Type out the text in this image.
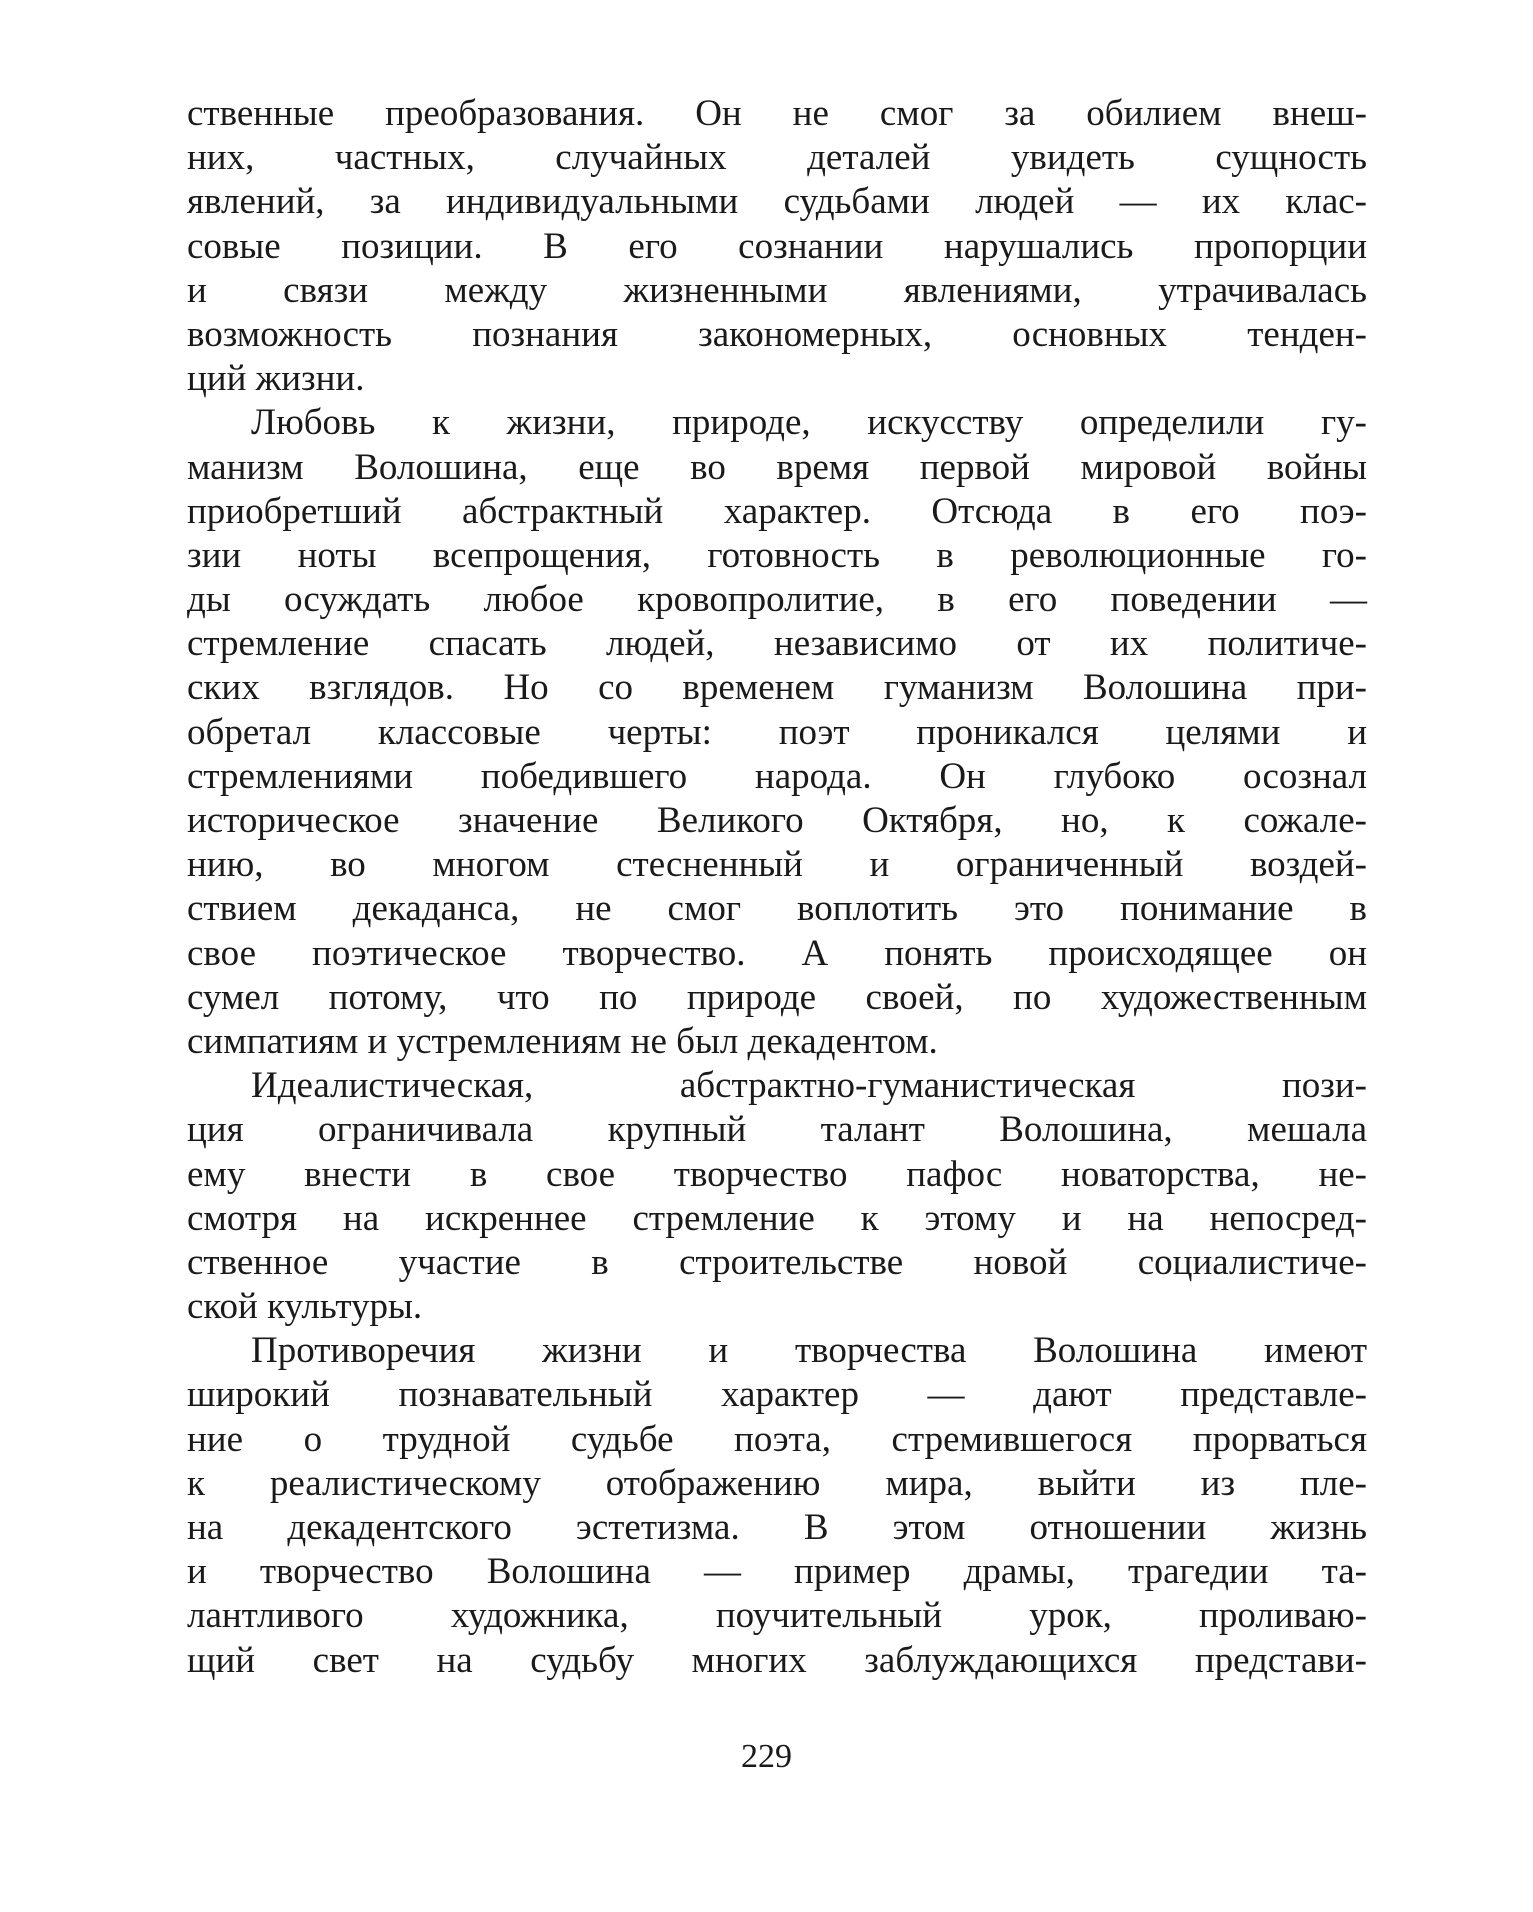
ственные преобразования. Он не смог за обилием внеш-
них, частных, случайных деталей увидеть сущность
явлений, за индивидуальными судьбами людей — их клас-
совые позиции. В его сознании нарушались пропорции
и связи между жизненными явлениями, утрачивалась
возможность познания закономерных, основных тенден-
ций жизни.
Любовь к жизни, природе, искусству определили гу-
манизм Волошина, еще во время первой мировой войны
приобретший абстрактный характер. Отсюда в его поэ-
зии ноты всепрощения, готовность в революционные го-
ды осуждать любое кровопролитие, в его поведении —
стремление спасать людей, независимо от их политиче-
ских взглядов. Но со временем гуманизм Волошина при-
обретал классовые черты: поэт проникался целями и
стремлениями победившего народа. Он глубоко осознал
историческое значение Великого Октября, но, к сожале-
нию, во многом стесненный и ограниченный воздей-
ствием декаданса, не смог воплотить это понимание в
свое поэтическое творчество. А понять происходящее он
сумел потому, что по природе своей, по художественным
симпатиям и устремлениям не был декадентом.
Идеалистическая, абстрактно-гуманистическая пози-
ция ограничивала крупный талант Волошина, мешала
ему внести в свое творчество пафос новаторства, не-
смотря на искреннее стремление к этому и на непосред-
ственное участие в строительстве новой социалистиче-
ской культуры.
Противоречия жизни и творчества Волошина имеют
широкий познавательный характер — дают представле-
ние о трудной судьбе поэта, стремившегося прорваться
к реалистическому отображению мира, выйти из пле-
на декадентского эстетизма. В этом отношении жизнь
и творчество Волошина — пример драмы, трагедии та-
лантливого художника, поучительный урок, проливаю-
щий свет на судьбу многих заблуждающихся представи-
229
